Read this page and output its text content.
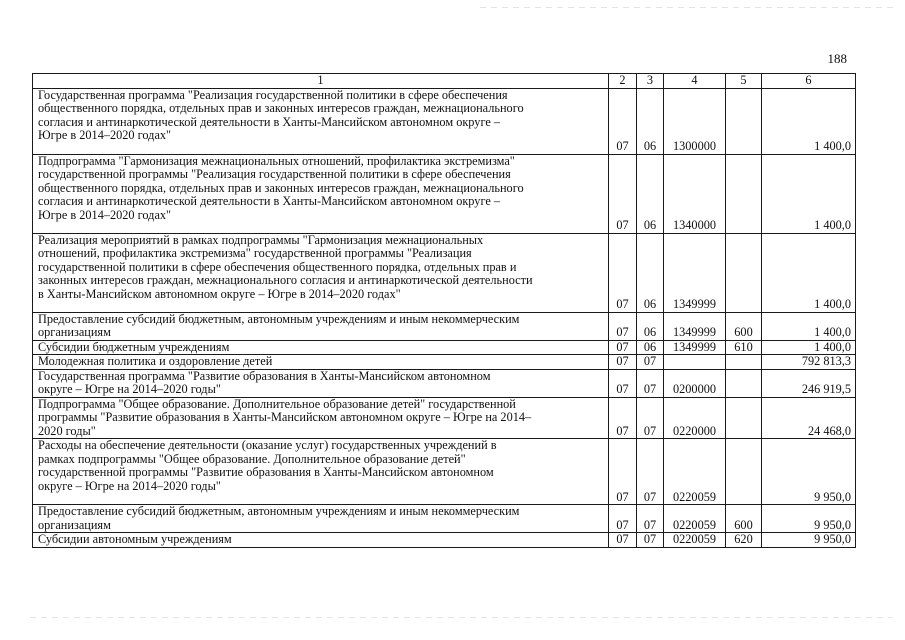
188
1	2	3	4	5	6
Государственная программа "Реализация государственной политики в сфере обеспечения
общественного порядка, отдельных прав и законных интересов граждан, межнационального
согласия и антинаркотической деятельности в Ханты-Мансийском автономном округе –
Югре в 2014–2020 годах"	07	06	1300000		1 400,0
Подпрограмма "Гармонизация межнациональных отношений, профилактика экстремизма"
государственной программы "Реализация государственной политики в сфере обеспечения
общественного порядка, отдельных прав и законных интересов граждан, межнационального
согласия и антинаркотической деятельности в Ханты-Мансийском автономном округе –
Югре в 2014–2020 годах"	07	06	1340000		1 400,0
Реализация мероприятий в рамках подпрограммы "Гармонизация межнациональных
отношений, профилактика экстремизма" государственной программы "Реализация
государственной политики в сфере обеспечения общественного порядка, отдельных прав и
законных интересов граждан, межнационального согласия и антинаркотической деятельности
в Ханты-Мансийском автономном округе – Югре в 2014–2020 годах"	07	06	1349999		1 400,0
Предоставление субсидий бюджетным, автономным учреждениям и иным некоммерческим
организациям	07	06	1349999	600	1 400,0
Субсидии бюджетным учреждениям	07	06	1349999	610	1 400,0
Молодежная политика и оздоровление детей	07	07			792 813,3
Государственная программа "Развитие образования в Ханты-Мансийском автономном
округе – Югре на 2014–2020 годы"	07	07	0200000		246 919,5
Подпрограмма "Общее образование. Дополнительное образование детей" государственной
программы "Развитие образования в Ханты-Мансийском автономном округе – Югре на 2014–
2020 годы"	07	07	0220000		24 468,0
Расходы на обеспечение деятельности (оказание услуг) государственных учреждений в
рамках подпрограммы "Общее образование. Дополнительное образование детей"
государственной программы "Развитие образования в Ханты-Мансийском автономном
округе – Югре на 2014–2020 годы"	07	07	0220059		9 950,0
Предоставление субсидий бюджетным, автономным учреждениям и иным некоммерческим
организациям	07	07	0220059	600	9 950,0
Субсидии автономным учреждениям	07	07	0220059	620	9 950,0
